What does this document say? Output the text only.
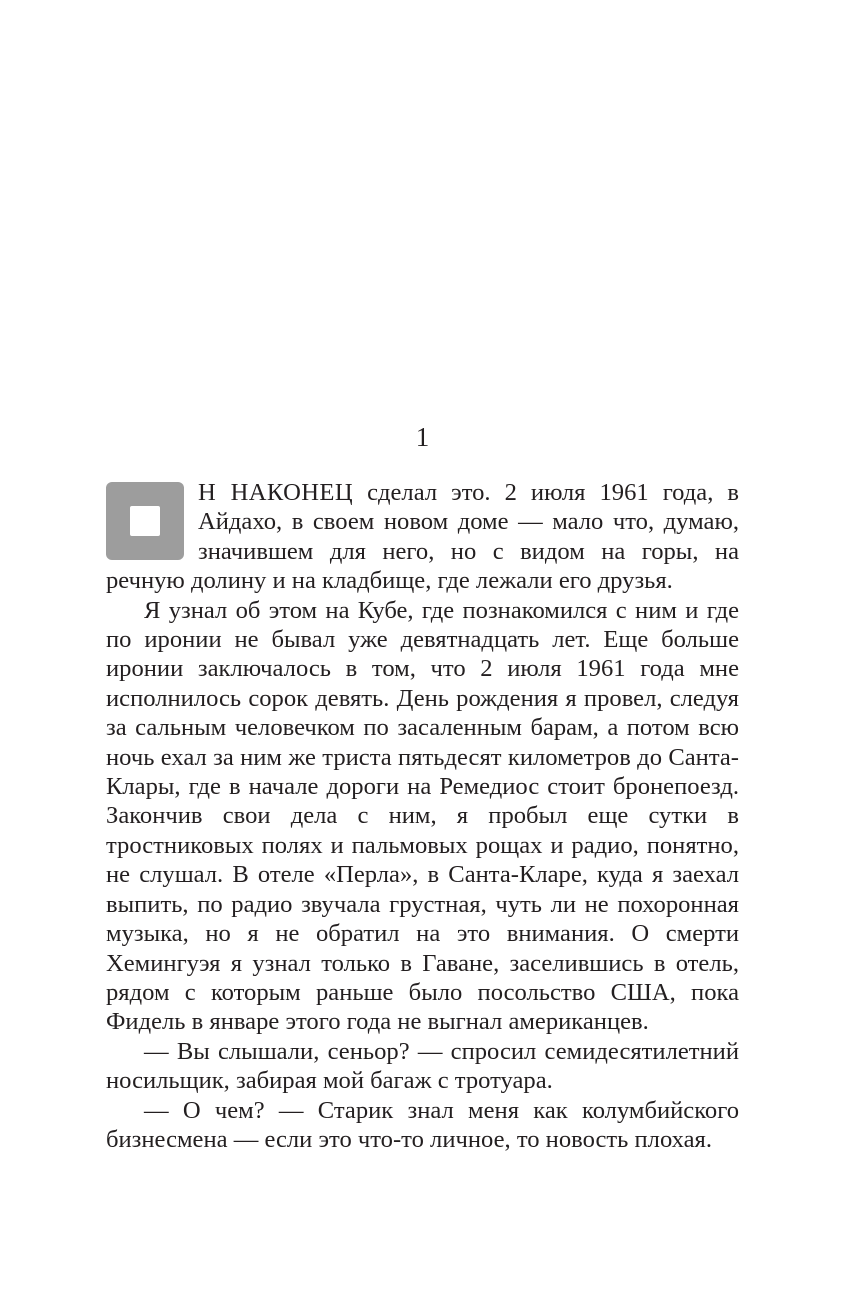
1

Н НАКОНЕЦ сделал это. 2 июля 1961 года, в Айдахо, в своем новом доме — мало что, думаю, значившем для него, но с видом на горы, на речную долину и на кладбище, где лежали его друзья.

Я узнал об этом на Кубе, где познакомился с ним и где по иронии не бывал уже девятнадцать лет. Еще больше иронии заключалось в том, что 2 июля 1961 года мне исполнилось сорок девять. День рождения я провел, следуя за сальным человечком по засаленным барам, а потом всю ночь ехал за ним же триста пятьдесят километров до Санта-Клары, где в начале дороги на Ремедиос стоит бронепоезд. Закончив свои дела с ним, я пробыл еще сутки в тростниковых полях и пальмовых рощах и радио, понятно, не слушал. В отеле «Перла», в Санта-Кларе, куда я заехал выпить, по радио звучала грустная, чуть ли не похоронная музыка, но я не обратил на это внимания. О смерти Хемингуэя я узнал только в Гаване, заселившись в отель, рядом с которым раньше было посольство США, пока Фидель в январе этого года не выгнал американцев.

— Вы слышали, сеньор? — спросил семидесятилетний носильщик, забирая мой багаж с тротуара.

— О чем? — Старик знал меня как колумбийского бизнесмена — если это что-то личное, то новость плохая.
